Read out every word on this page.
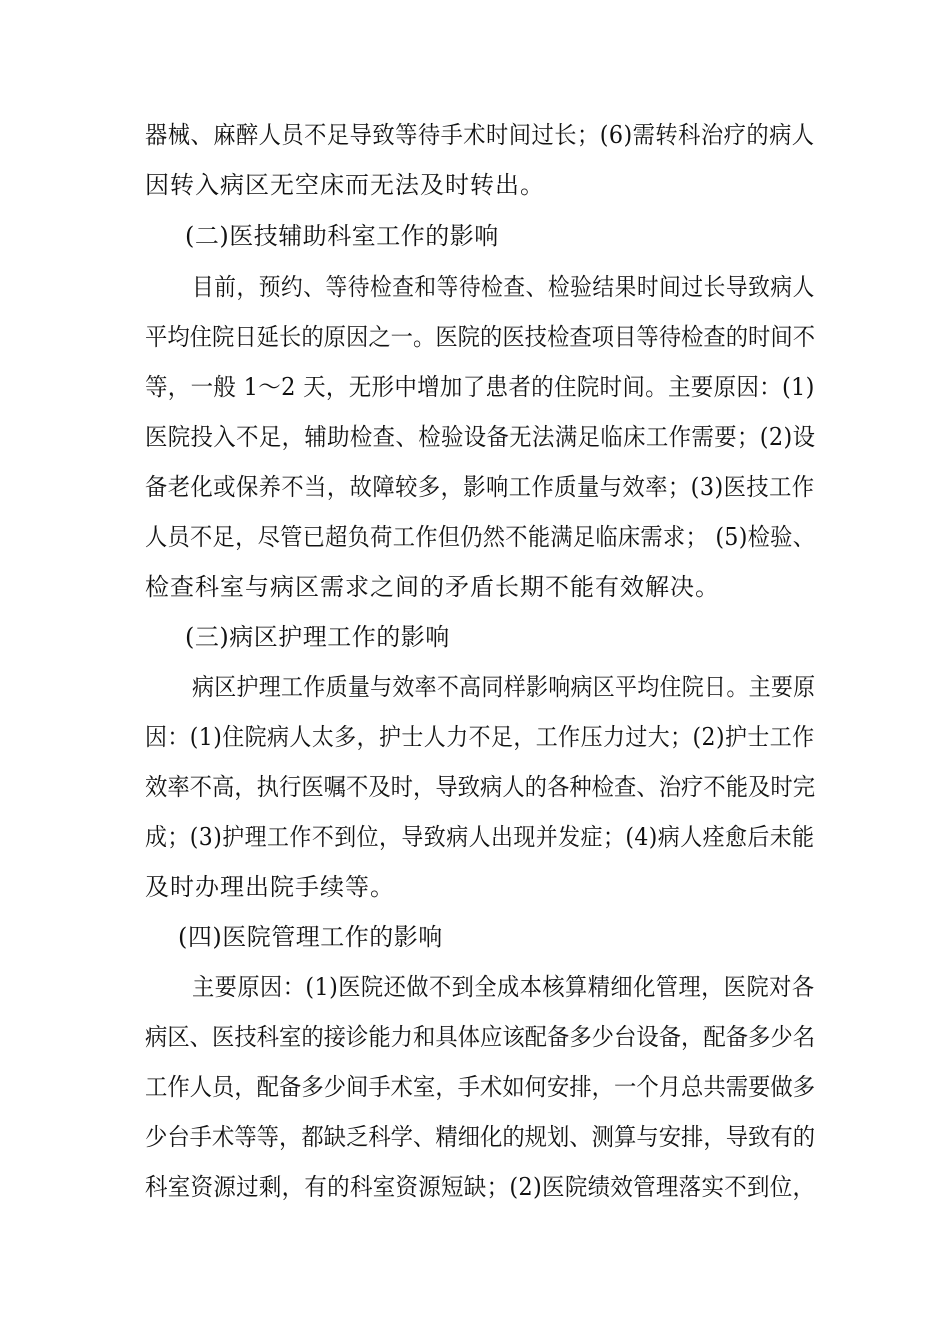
器械、麻醉人员不足导致等待手术时间过长；(6)需转科治疗的病人
因转入病区无空床而无法及时转出。
(二)医技辅助科室工作的影响
目前，预约、等待检查和等待检查、检验结果时间过长导致病人
平均住院日延长的原因之一。医院的医技检查项目等待检查的时间不
等，一般 1～2 天，无形中增加了患者的住院时间。主要原因：(1)
医院投入不足，辅助检查、检验设备无法满足临床工作需要；(2)设
备老化或保养不当，故障较多，影响工作质量与效率；(3)医技工作
人员不足，尽管已超负荷工作但仍然不能满足临床需求； (5)检验、
检查科室与病区需求之间的矛盾长期不能有效解决。
(三)病区护理工作的影响
病区护理工作质量与效率不高同样影响病区平均住院日。主要原
因：(1)住院病人太多，护士人力不足，工作压力过大；(2)护士工作
效率不高，执行医嘱不及时，导致病人的各种检查、治疗不能及时完
成；(3)护理工作不到位，导致病人出现并发症；(4)病人痊愈后未能
及时办理出院手续等。
(四)医院管理工作的影响
主要原因：(1)医院还做不到全成本核算精细化管理，医院对各
病区、医技科室的接诊能力和具体应该配备多少台设备，配备多少名
工作人员，配备多少间手术室，手术如何安排，一个月总共需要做多
少台手术等等，都缺乏科学、精细化的规划、测算与安排，导致有的
科室资源过剩，有的科室资源短缺；(2)医院绩效管理落实不到位，
